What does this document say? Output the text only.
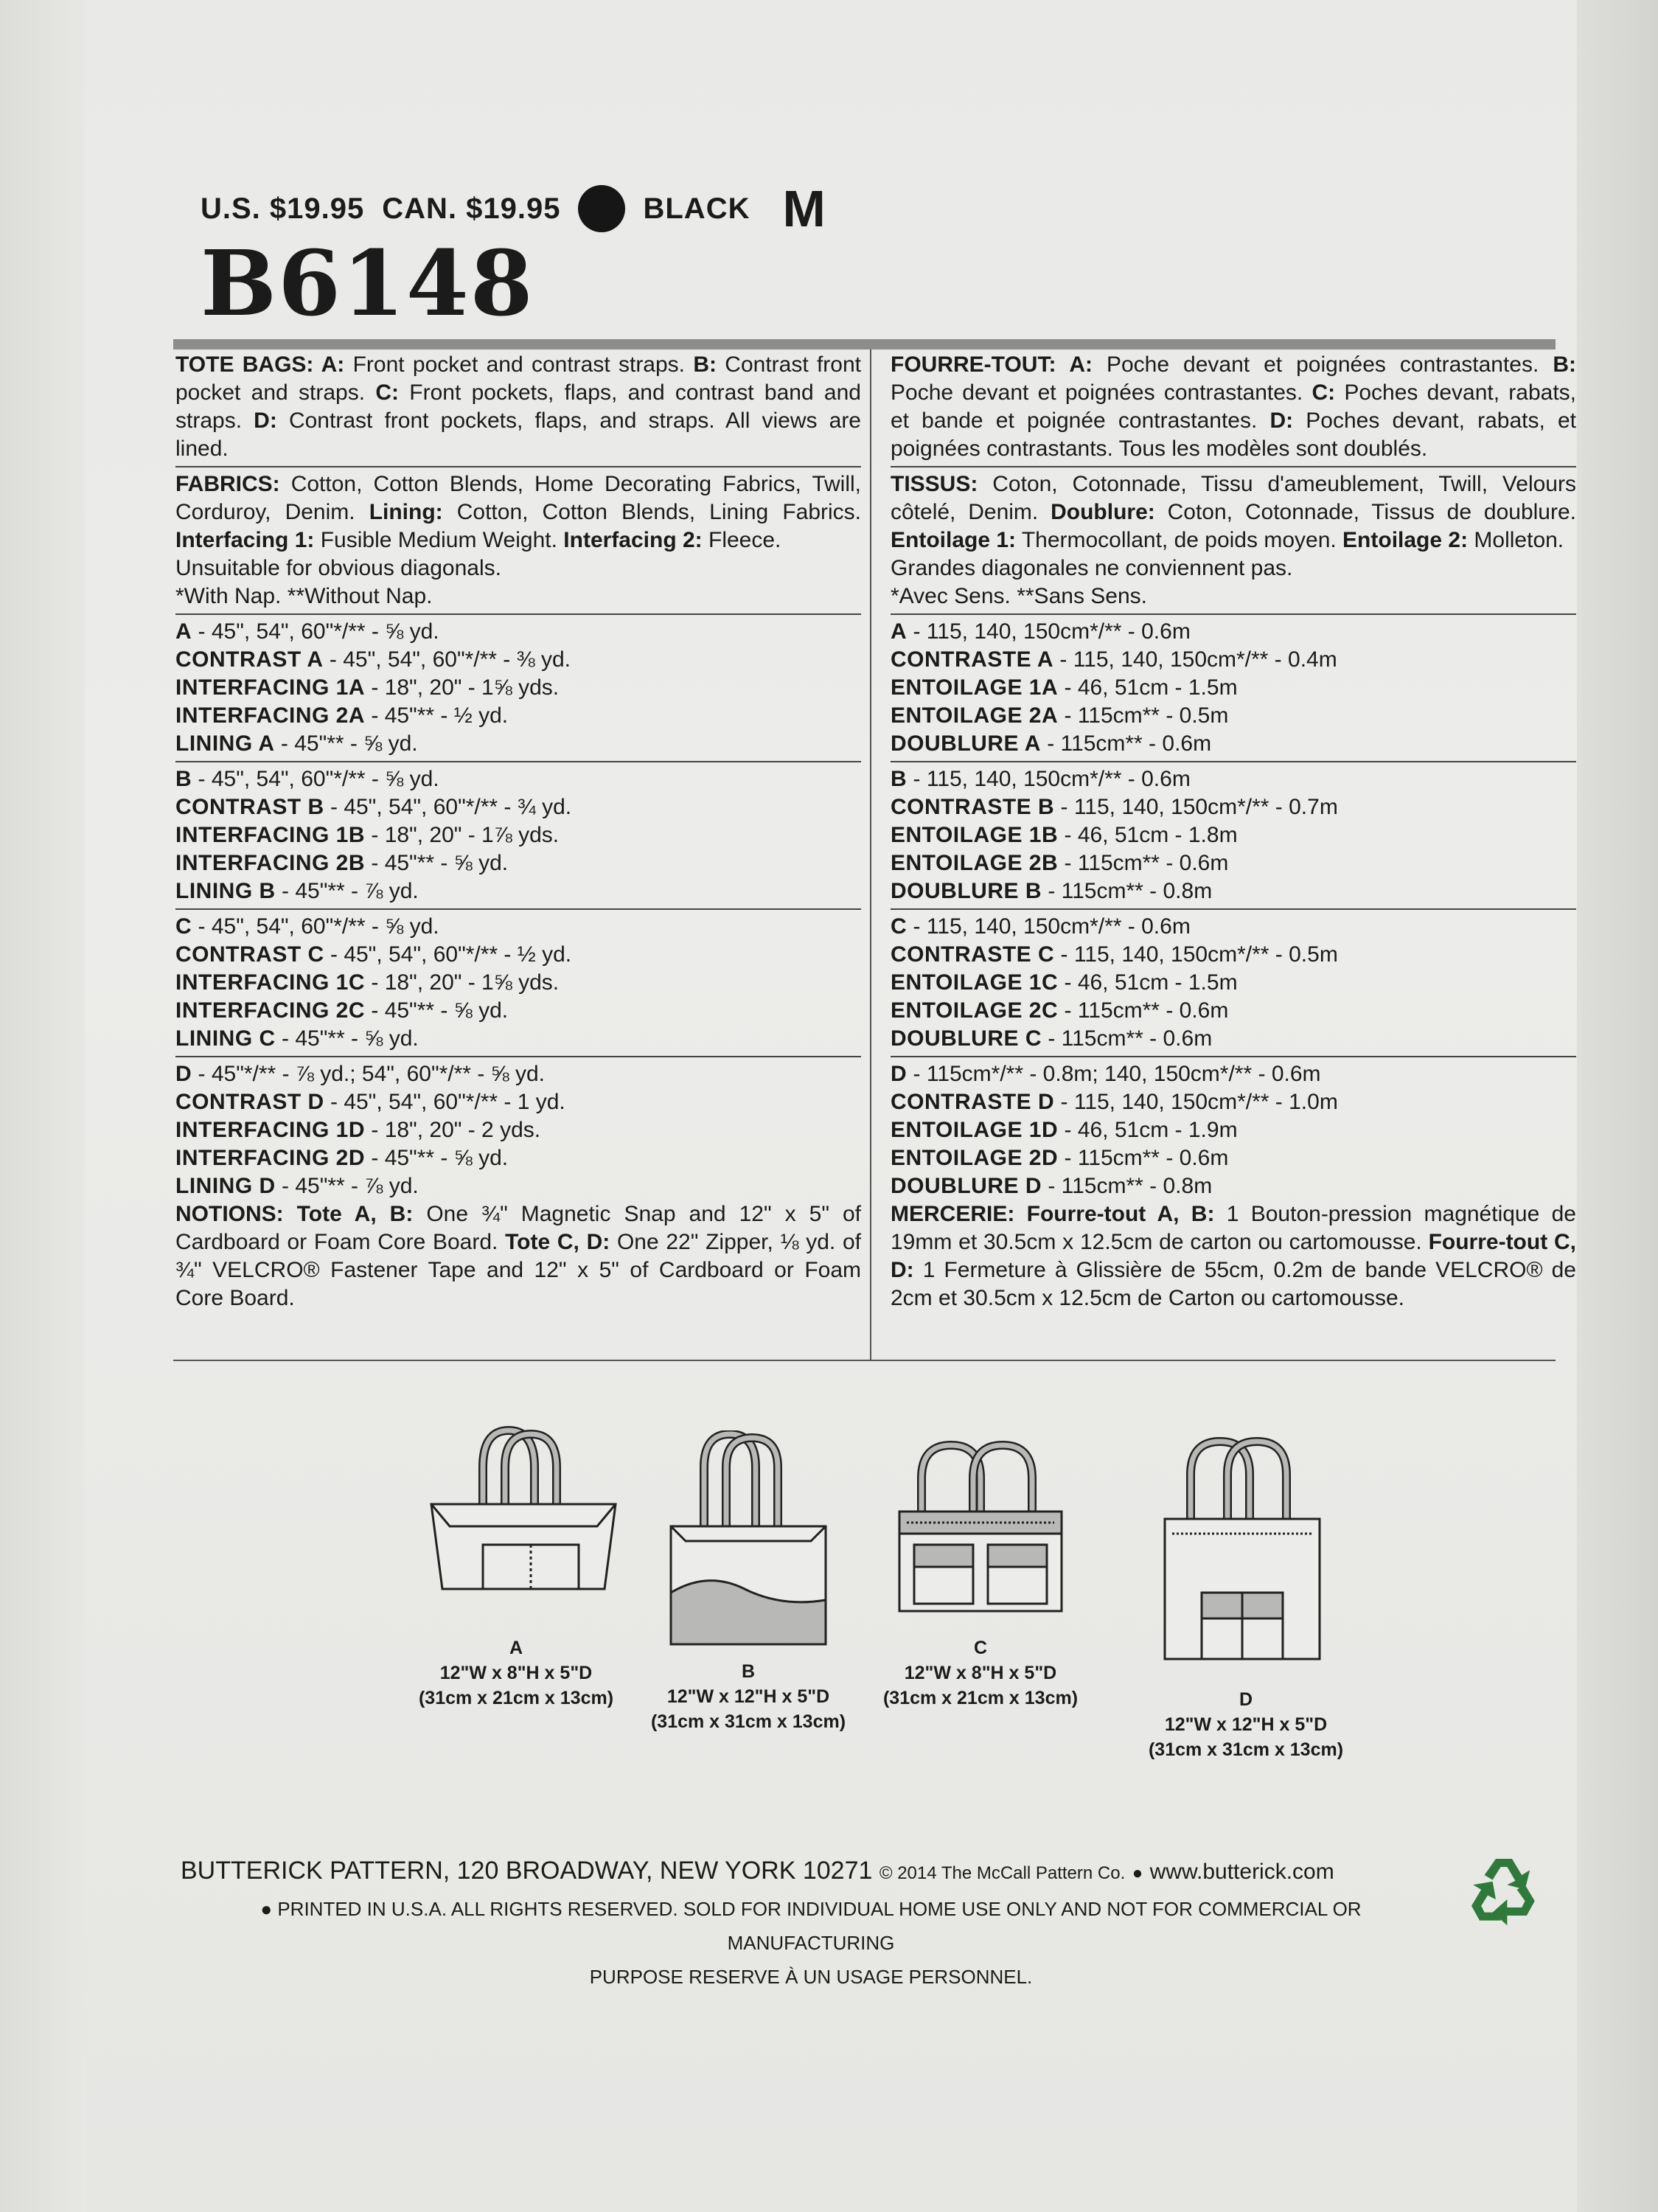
U.S. $19.95 CAN. $19.95	BLACK M
B6148

TOTE BAGS: A: Front pocket and contrast straps. B: Contrast front pocket and straps. C: Front pockets, flaps, and contrast band and straps. D: Contrast front pockets, flaps, and straps. All views are lined.

FABRICS: Cotton, Cotton Blends, Home Decorating Fabrics, Twill, Corduroy, Denim. Lining: Cotton, Cotton Blends, Lining Fabrics. Interfacing 1: Fusible Medium Weight. Interfacing 2: Fleece.

Unsuitable for obvious diagonals.

*With Nap. **Without Nap.

A - 45", 54", 60"*/** - ⅝ yd.

CONTRAST A - 45", 54", 60"*/** - ⅜ yd.

INTERFACING 1A - 18", 20" - 1⅝ yds.

INTERFACING 2A - 45"** - ½ yd.

LINING A - 45"** - ⅝ yd.

B - 45", 54", 60"*/** - ⅝ yd.

CONTRAST B - 45", 54", 60"*/** - ¾ yd.

INTERFACING 1B - 18", 20" - 1⅞ yds.

INTERFACING 2B - 45"** - ⅝ yd.

LINING B - 45"** - ⅞ yd.

C - 45", 54", 60"*/** - ⅝ yd.

CONTRAST C - 45", 54", 60"*/** - ½ yd.

INTERFACING 1C - 18", 20" - 1⅝ yds.

INTERFACING 2C - 45"** - ⅝ yd.

LINING C - 45"** - ⅝ yd.

D - 45"*/** - ⅞ yd.; 54", 60"*/** - ⅝ yd.

CONTRAST D - 45", 54", 60"*/** - 1 yd.

INTERFACING 1D - 18", 20" - 2 yds.

INTERFACING 2D - 45"** - ⅝ yd.

LINING D - 45"** - ⅞ yd.

NOTIONS: Tote A, B: One ¾" Magnetic Snap and 12" x 5" of Cardboard or Foam Core Board. Tote C, D: One 22" Zipper, ⅛ yd. of ¾" VELCRO® Fastener Tape and 12" x 5" of Cardboard or Foam Core Board.

FOURRE-TOUT: A: Poche devant et poignées contrastantes. B: Poche devant et poignées contrastantes. C: Poches devant, rabats, et bande et poignée contrastantes. D: Poches devant, rabats, et poignées contrastants. Tous les modèles sont doublés.

TISSUS: Coton, Cotonnade, Tissu d'ameublement, Twill, Velours côtelé, Denim. Doublure: Coton, Cotonnade, Tissus de doublure. Entoilage 1: Thermocollant, de poids moyen. Entoilage 2: Molleton.

Grandes diagonales ne conviennent pas.

*Avec Sens. **Sans Sens.

A - 115, 140, 150cm*/** - 0.6m

CONTRASTE A - 115, 140, 150cm*/** - 0.4m

ENTOILAGE 1A - 46, 51cm - 1.5m

ENTOILAGE 2A - 115cm** - 0.5m

DOUBLURE A - 115cm** - 0.6m

B - 115, 140, 150cm*/** - 0.6m

CONTRASTE B - 115, 140, 150cm*/** - 0.7m

ENTOILAGE 1B - 46, 51cm - 1.8m

ENTOILAGE 2B - 115cm** - 0.6m

DOUBLURE B - 115cm** - 0.8m

C - 115, 140, 150cm*/** - 0.6m

CONTRASTE C - 115, 140, 150cm*/** - 0.5m

ENTOILAGE 1C - 46, 51cm - 1.5m

ENTOILAGE 2C - 115cm** - 0.6m

DOUBLURE C - 115cm** - 0.6m

D - 115cm*/** - 0.8m; 140, 150cm*/** - 0.6m

CONTRASTE D - 115, 140, 150cm*/** - 1.0m

ENTOILAGE 1D - 46, 51cm - 1.9m

ENTOILAGE 2D - 115cm** - 0.6m

DOUBLURE D - 115cm** - 0.8m

MERCERIE: Fourre-tout A, B: 1 Bouton-pression magnétique de 19mm et 30.5cm x 12.5cm de carton ou cartomousse. Fourre-tout C, D: 1 Fermeture à Glissière de 55cm, 0.2m de bande VELCRO® de 2cm et 30.5cm x 12.5cm de Carton ou cartomousse.

A
12"W x 8"H x 5"D
(31cm x 21cm x 13cm)
B
12"W x 12"H x 5"D
(31cm x 31cm x 13cm)
C
12"W x 8"H x 5"D
(31cm x 21cm x 13cm)	D
12"W x 12"H x 5"D
(31cm x 31cm x 13cm)
BUTTERICK PATTERN, 120 BROADWAY, NEW YORK 10271 © 2014 The McCall Pattern Co. ● www.butterick.com
● PRINTED IN U.S.A. ALL RIGHTS RESERVED. SOLD FOR INDIVIDUAL HOME USE ONLY AND NOT FOR COMMERCIAL OR MANUFACTURING
PURPOSE RESERVE À UN USAGE PERSONNEL.
